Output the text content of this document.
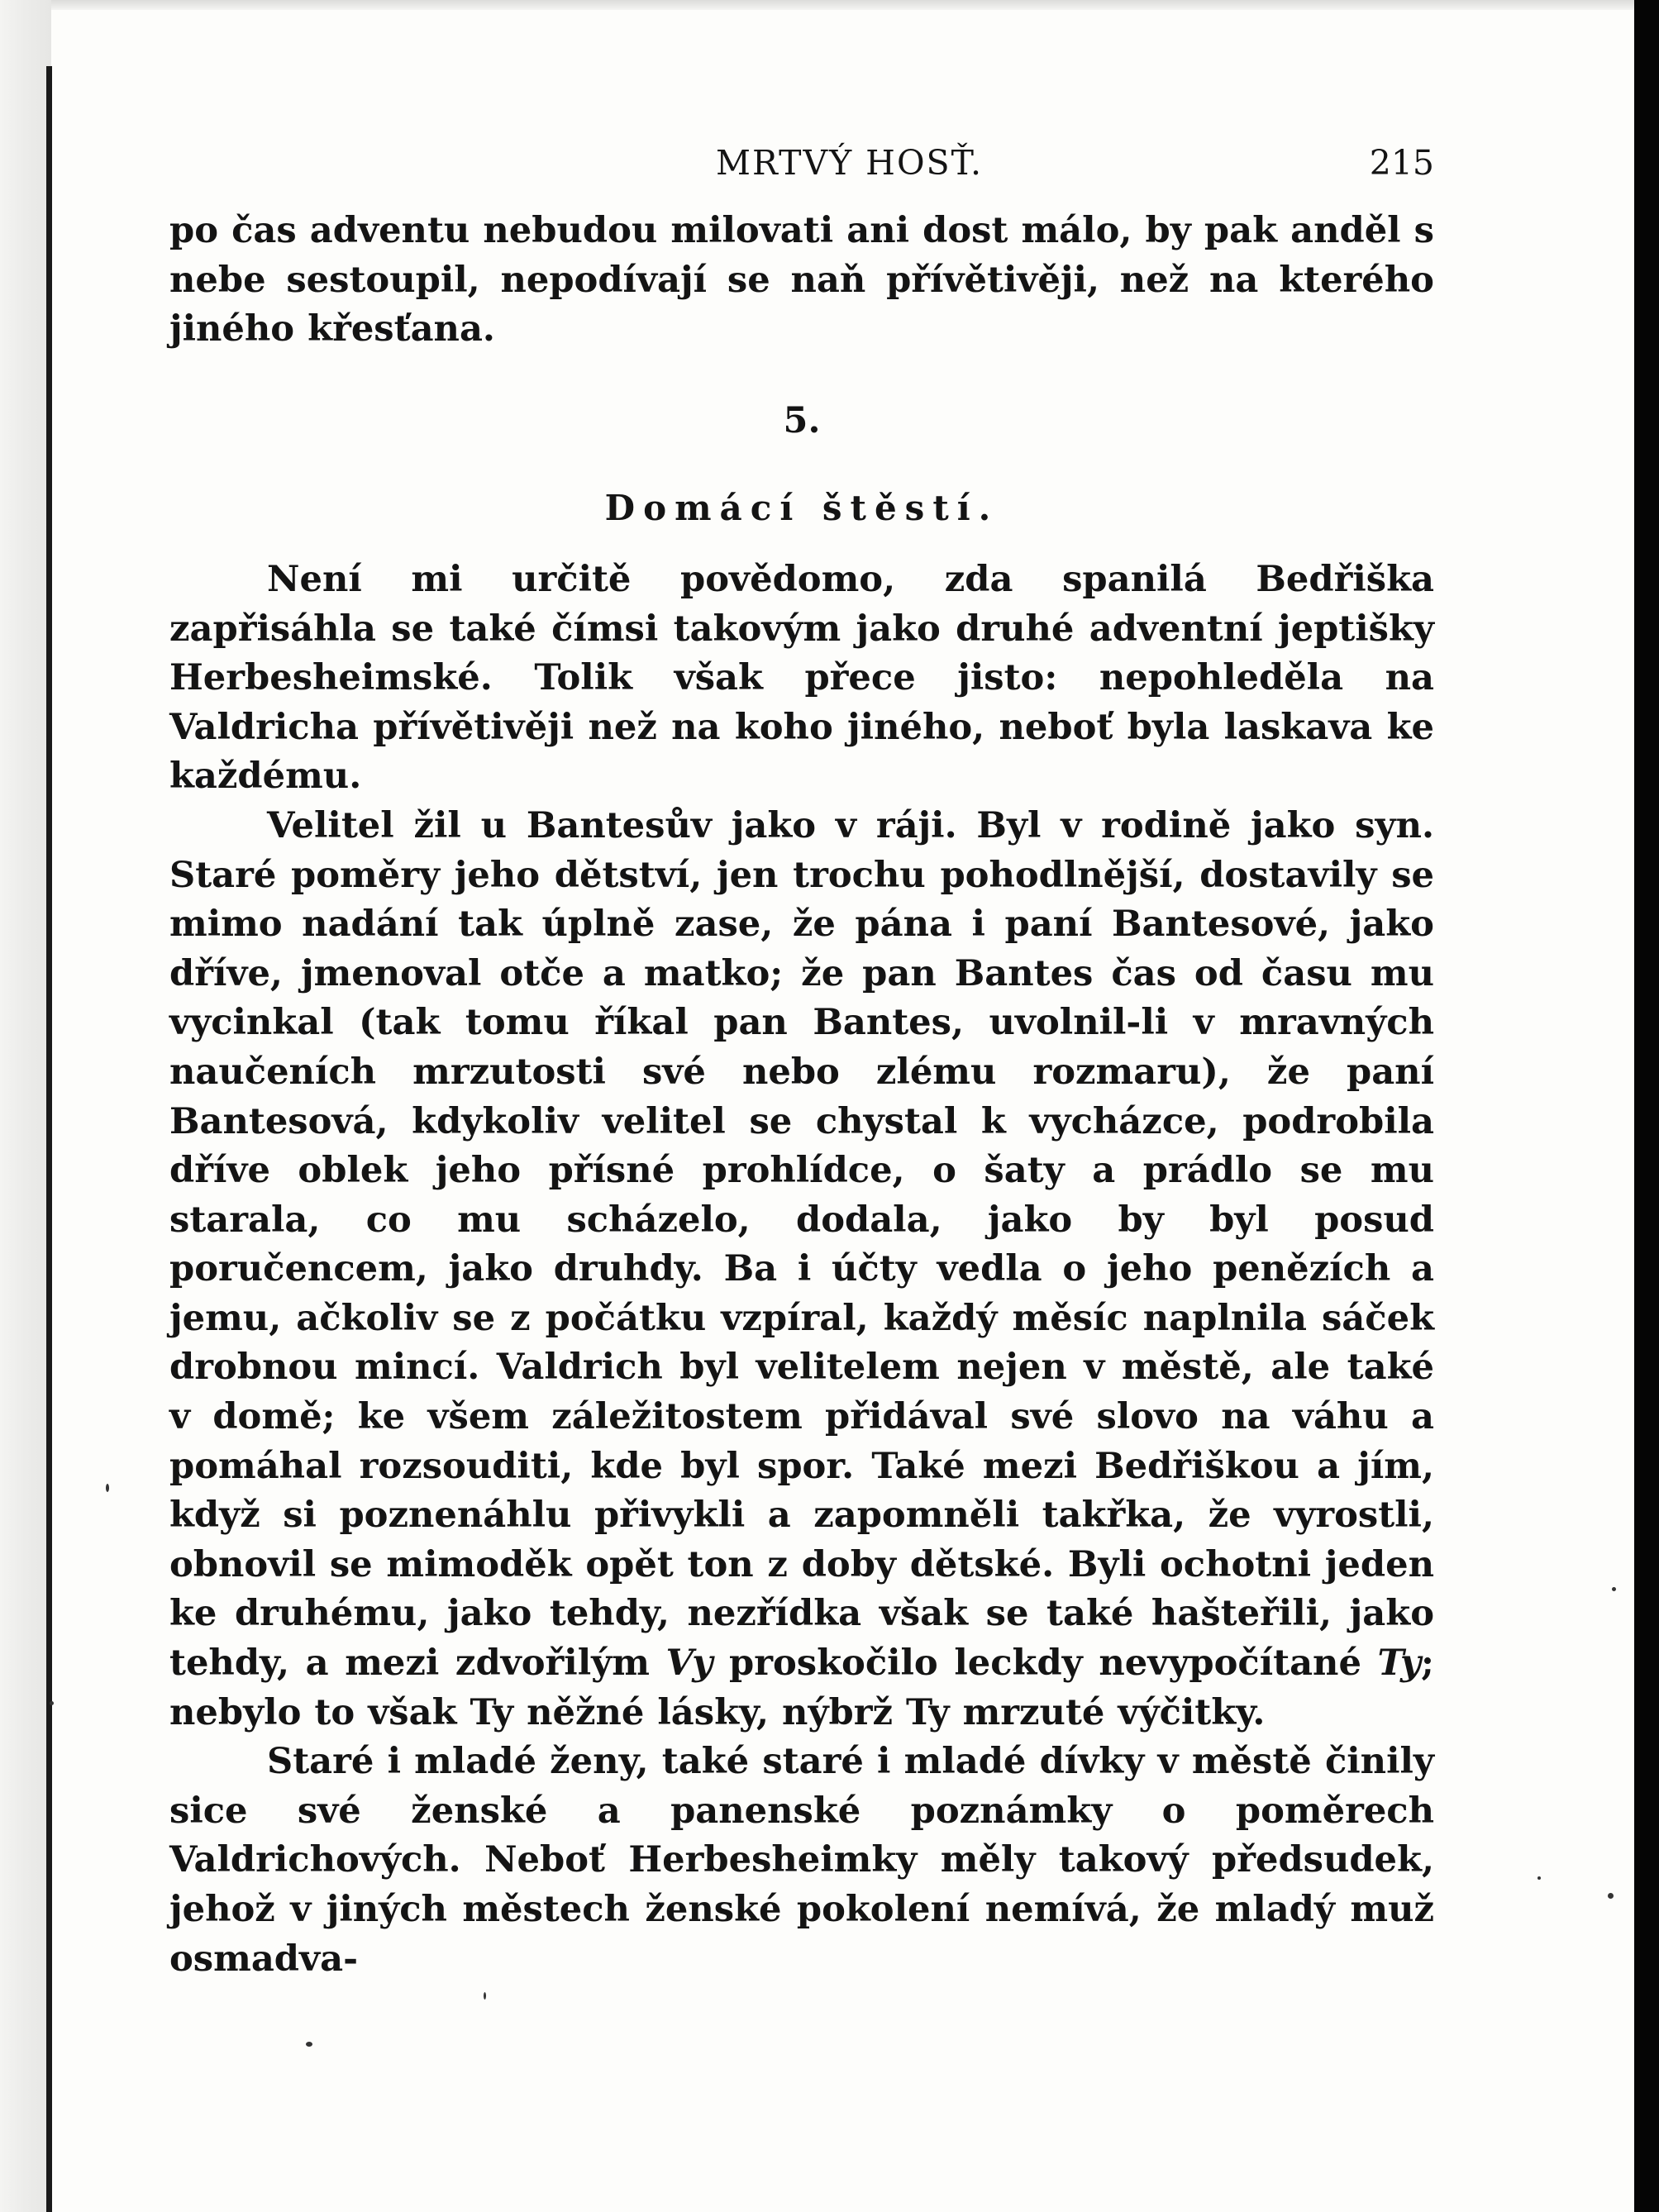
MRTVÝ HOSŤ.	215

po čas adventu nebudou milovati ani dost málo, by pak anděl s nebe sestoupil, nepodívají se naň přívětivěji, než na kterého jiného křesťana.

5.

Domácí štěstí.

Není mi určitě povědomo, zda spanilá Bedřiška zapřisáhla se také čímsi takovým jako druhé adventní jeptišky Herbesheimské. Tolik však přece jisto: nepohleděla na Valdricha přívětivěji než na koho jiného, neboť byla laskava ke každému.

Velitel žil u Bantesův jako v ráji. Byl v rodině jako syn. Staré poměry jeho dětství, jen trochu pohodlnější, dostavily se mimo nadání tak úplně zase, že pána i paní Bantesové, jako dříve, jmenoval otče a matko; že pan Bantes čas od času mu vycinkal (tak tomu říkal pan Bantes, uvolnil-li v mravných naučeních mrzutosti své nebo zlému rozmaru), že paní Bantesová, kdykoliv velitel se chystal k vycházce, podrobila dříve oblek jeho přísné prohlídce, o šaty a prádlo se mu starala, co mu scházelo, dodala, jako by byl posud poručencem, jako druhdy. Ba i účty vedla o jeho penězích a jemu, ačkoliv se z počátku vzpíral, každý měsíc naplnila sáček drobnou mincí. Valdrich byl velitelem nejen v městě, ale také v domě; ke všem záležitostem přidával své slovo na váhu a pomáhal rozsouditi, kde byl spor. Také mezi Bedřiškou a jím, když si poznenáhlu přivykli a zapomněli takřka, že vyrostli, obnovil se mimoděk opět ton z doby dětské. Byli ochotni jeden ke druhému, jako tehdy, nezřídka však se také hašteřili, jako tehdy, a mezi zdvořilým Vy proskočilo leckdy nevypočítané Ty; nebylo to však Ty něžné lásky, nýbrž Ty mrzuté výčitky.

Staré i mladé ženy, také staré i mladé dívky v městě činily sice své ženské a panenské poznámky o poměrech Valdrichových. Neboť Herbesheimky měly takový předsudek, jehož v jiných městech ženské pokolení nemívá, že mladý muž osmadva-
